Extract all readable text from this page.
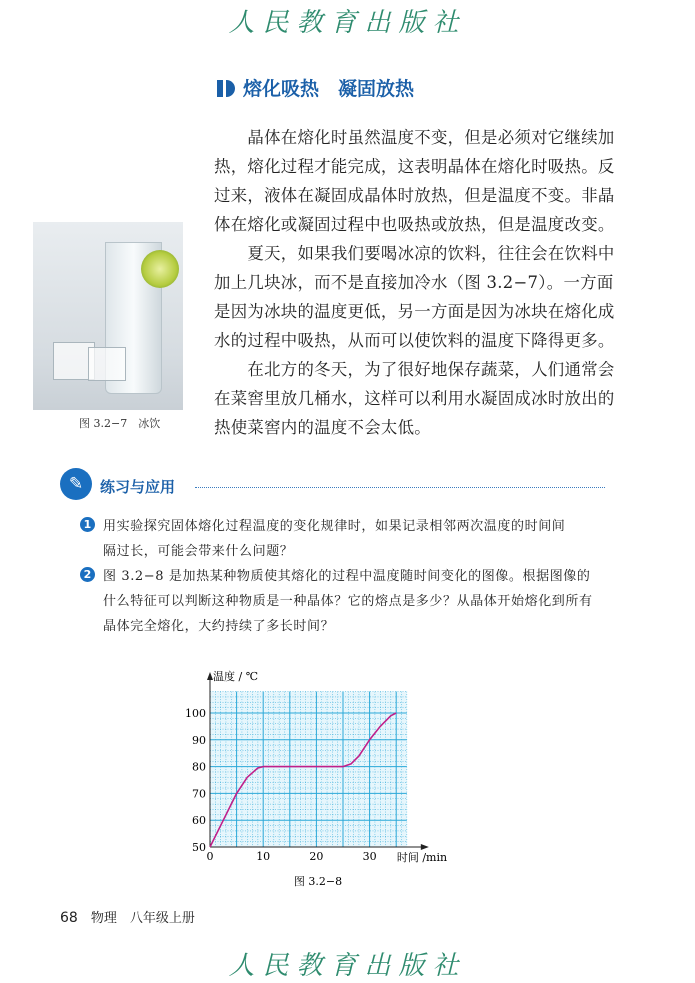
人民教育出版社
熔化吸热　凝固放热
　　晶体在熔化时虽然温度不变，但是必须对它继续加
热，熔化过程才能完成，这表明晶体在熔化时吸热。反
过来，液体在凝固成晶体时放热，但是温度不变。非晶
体在熔化或凝固过程中也吸热或放热，但是温度改变。
　　夏天，如果我们要喝冰凉的饮料，往往会在饮料中
加上几块冰，而不是直接加冷水（图 3.2−7）。一方面
是因为冰块的温度更低，另一方面是因为冰块在熔化成
水的过程中吸热，从而可以使饮料的温度下降得更多。
　　在北方的冬天，为了很好地保存蔬菜，人们通常会
在菜窖里放几桶水，这样可以利用水凝固成冰时放出的
热使菜窖内的温度不会太低。
图 3.2−7　冰饮
✎	练习与应用
1 用实验探究固体熔化过程温度的变化规律时，如果记录相邻两次温度的时间间
隔过长，可能会带来什么问题？
2 图 3.2−8 是加热某种物质使其熔化的过程中温度随时间变化的图像。根据图像的
什么特征可以判断这种物质是一种晶体？它的熔点是多少？从晶体开始熔化到所有
晶体完全熔化，大约持续了多长时间？
50
60
70
80
90
100
0	10	20	30
温度 / ℃
时间 /min
图 3.2−8
68　 物理　八年级上册
人民教育出版社
